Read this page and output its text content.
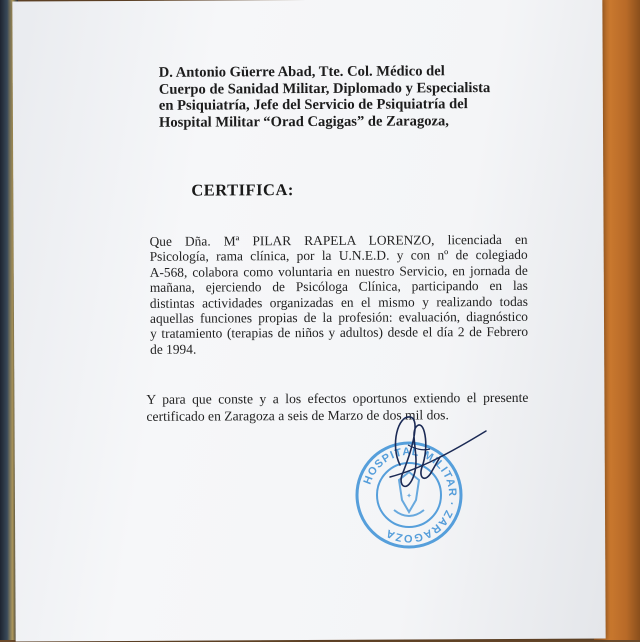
D. Antonio Güerre Abad, Tte. Col. Médico del
Cuerpo de Sanidad Militar, Diplomado y Especialista
en Psiquiatría, Jefe del Servicio de Psiquiatría del
Hospital Militar “Orad Cagigas” de Zaragoza,
CERTIFICA:
Que Dña. Mª PILAR RAPELA LORENZO, licenciada en
Psicología, rama clínica, por la U.N.E.D. y con nº de colegiado
A-568, colabora como voluntaria en nuestro Servicio, en jornada de
mañana, ejerciendo de Psicóloga Clínica, participando en las
distintas actividades organizadas en el mismo y realizando todas
aquellas funciones propias de la profesión: evaluación, diagnóstico
y tratamiento (terapias de niños y adultos) desde el día 2 de Febrero
de 1994.
Y para que conste y a los efectos oportunos extiendo el presente
certificado en Zaragoza a seis de Marzo de dos mil dos.
HOSPITAL MILITAR · ZARAGOZA
✦
